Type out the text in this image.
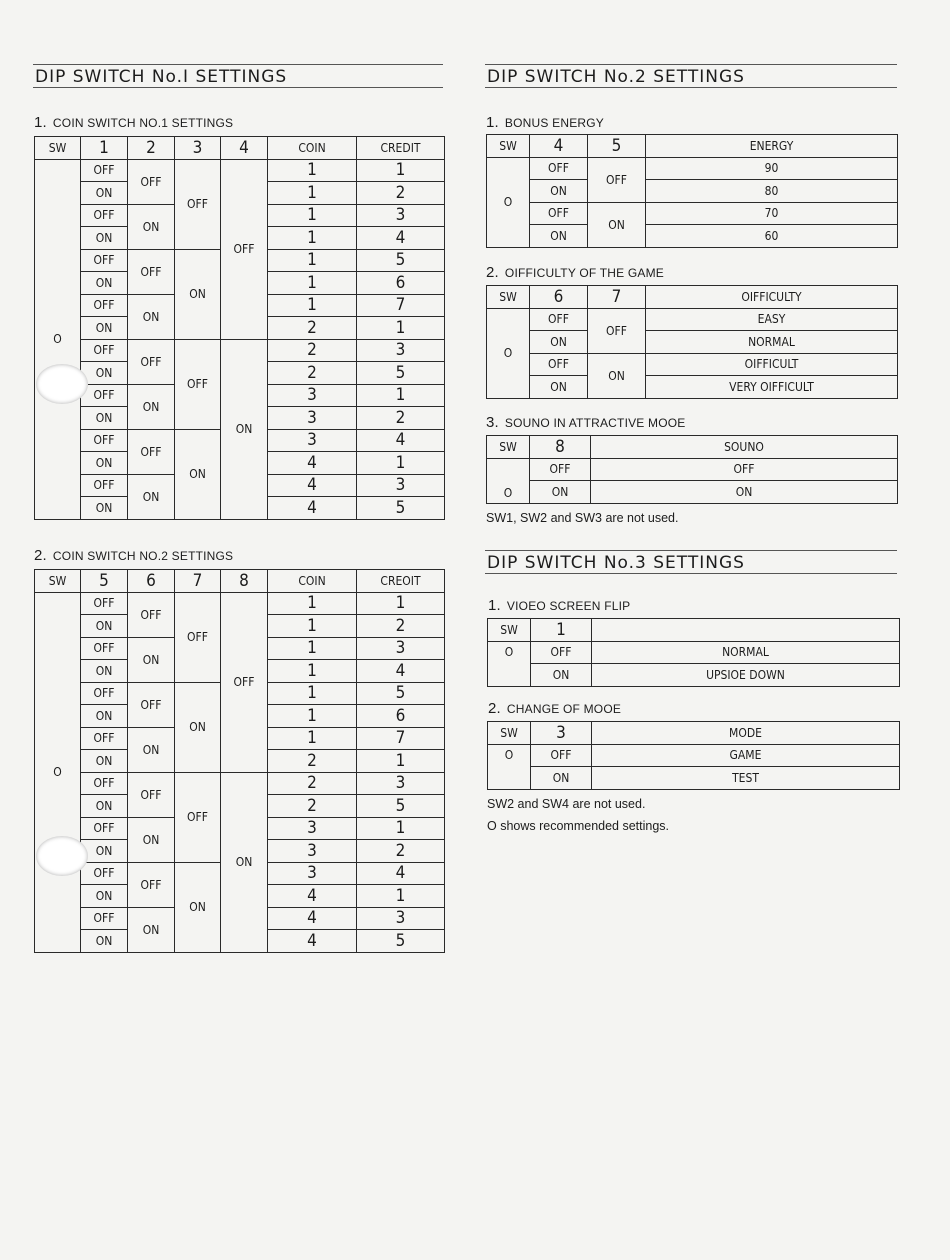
DIP SWITCH No.I SETTINGS
1. COIN SWITCH NO.1 SETTINGS
SW	1	2	3	4	COIN	CREDIT
O	OFF	OFF	OFF	OFF	1	1
	ON				1	2
	OFF	ON			1	3
	ON				1	4
	OFF	OFF	ON		1	5
	ON				1	6
	OFF	ON			1	7
	ON				2	1
	OFF	OFF	OFF	ON	2	3
	ON				2	5
	OFF	ON			3	1
	ON				3	2
	OFF	OFF	ON		3	4
	ON				4	1
	OFF	ON			4	3
	ON				4	5
2. COIN SWITCH NO.2 SETTINGS
SW	5	6	7	8	COIN	CREOIT
O	OFF	OFF	OFF	OFF	1	1
	ON				1	2
	OFF	ON			1	3
	ON				1	4
	OFF	OFF	ON		1	5
	ON				1	6
	OFF	ON			1	7
	ON				2	1
	OFF	OFF	OFF	ON	2	3
	ON				2	5
	OFF	ON			3	1
	ON				3	2
	OFF	OFF	ON		3	4
	ON				4	1
	OFF	ON			4	3
	ON				4	5
DIP SWITCH No.2 SETTINGS
1. BONUS ENERGY
SW	4	5	ENERGY
O	OFF	OFF	90
	ON		80
	OFF	ON	70
	ON		60
2. OIFFICULTY OF THE GAME
SW	6	7	OIFFICULTY
O	OFF	OFF	EASY
	ON		NORMAL
	OFF	ON	OIFFICULT
	ON		VERY OIFFICULT
3. SOUNO IN ATTRACTIVE MOOE
SW	8	SOUNO
O	OFF	OFF
	ON	ON
SW1, SW2 and SW3 are not used.
DIP SWITCH No.3 SETTINGS
1. VIOEO SCREEN FLIP
SW	1	
O	OFF	NORMAL
	ON	UPSIOE DOWN
2. CHANGE OF MOOE
SW	3	MODE
O	OFF	GAME
	ON	TEST
SW2 and SW4 are not used.
O shows recommended settings.
